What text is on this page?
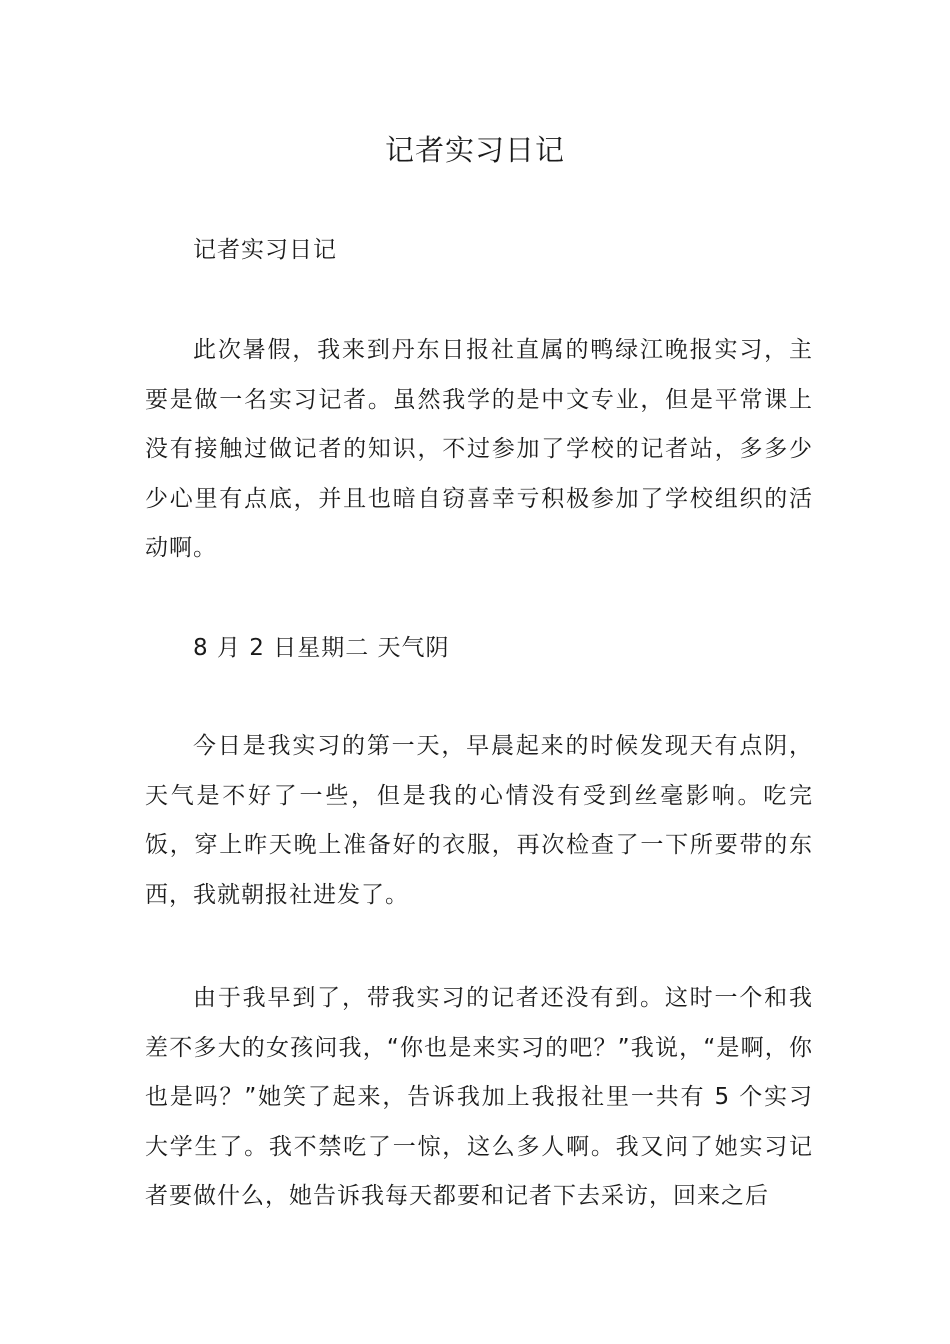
记者实习日记

记者实习日记

此次暑假，我来到丹东日报社直属的鸭绿江晚报实习，主要是做一名实习记者。虽然我学的是中文专业，但是平常课上没有接触过做记者的知识，不过参加了学校的记者站，多多少少心里有点底，并且也暗自窃喜幸亏积极参加了学校组织的活动啊。

8 月 2 日星期二 天气阴

今日是我实习的第一天，早晨起来的时候发现天有点阴，天气是不好了一些，但是我的心情没有受到丝毫影响。吃完饭，穿上昨天晚上准备好的衣服，再次检查了一下所要带的东西，我就朝报社进发了。

由于我早到了，带我实习的记者还没有到。这时一个和我差不多大的女孩问我，“你也是来实习的吧？”我说，“是啊，你也是吗？”她笑了起来，告诉我加上我报社里一共有 5 个实习大学生了。我不禁吃了一惊，这么多人啊。我又问了她实习记者要做什么，她告诉我每天都要和记者下去采访，回来之后
